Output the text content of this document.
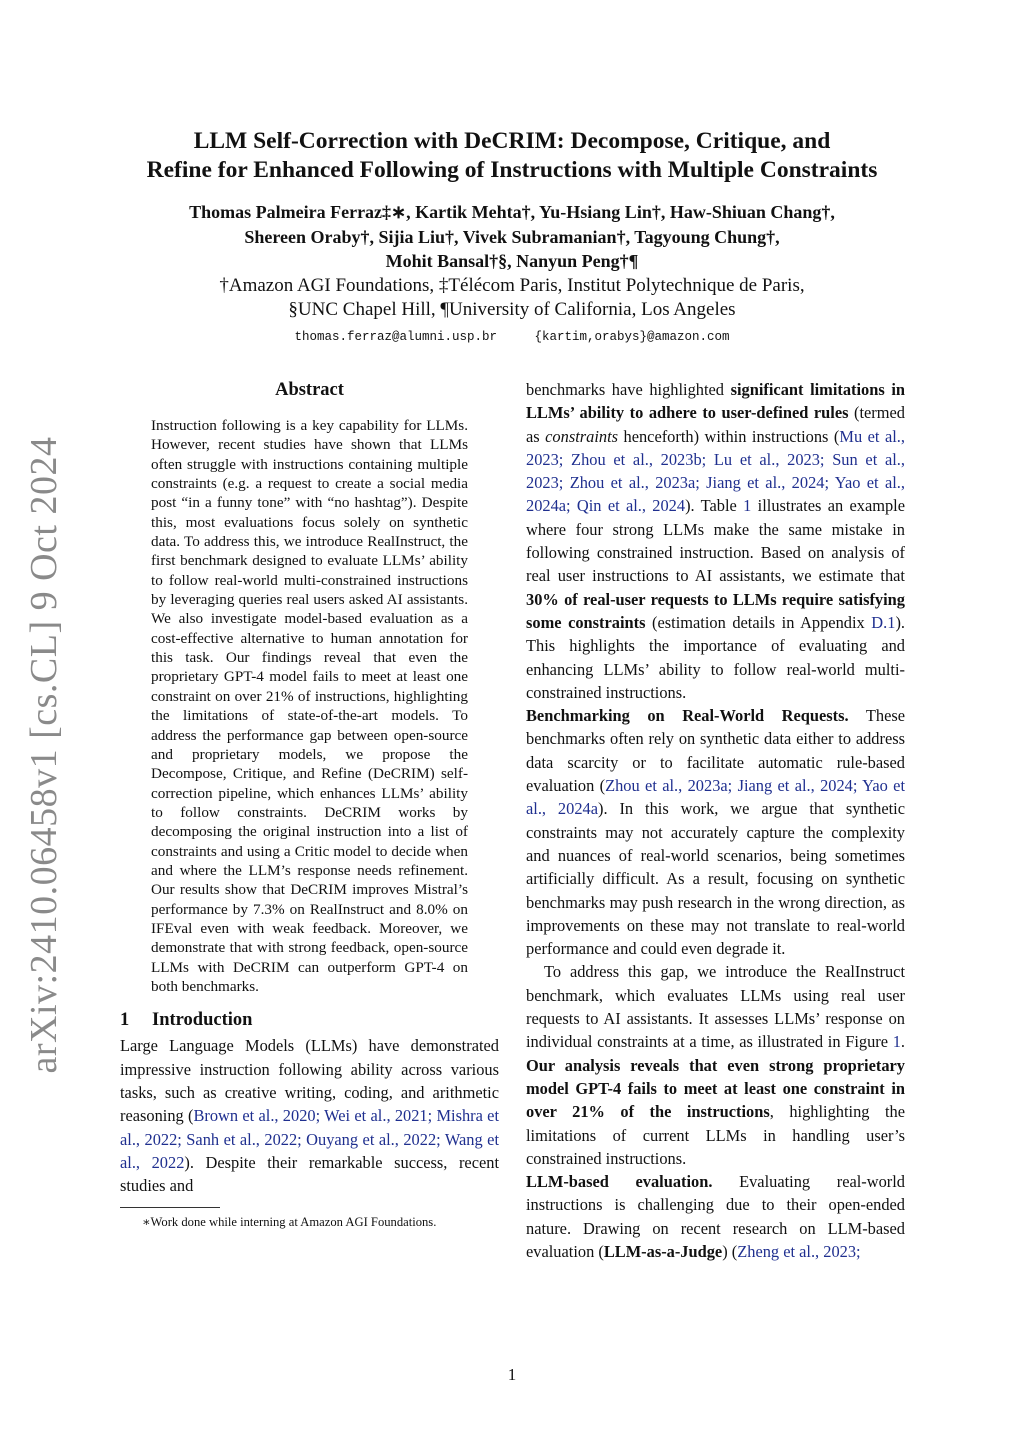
arXiv:2410.06458v1 [cs.CL] 9 Oct 2024
LLM Self-Correction with DeCRIM: Decompose, Critique, and
Refine for Enhanced Following of Instructions with Multiple Constraints
Thomas Palmeira Ferraz‡∗, Kartik Mehta†, Yu-Hsiang Lin†, Haw-Shiuan Chang†,
Shereen Oraby†, Sijia Liu†, Vivek Subramanian†, Tagyoung Chung†,
Mohit Bansal†§, Nanyun Peng†¶
†Amazon AGI Foundations, ‡Télécom Paris, Institut Polytechnique de Paris,
§UNC Chapel Hill, ¶University of California, Los Angeles
thomas.ferraz@alumni.usp.br	{kartim,orabys}@amazon.com
Abstract
Instruction following is a key capability for LLMs. However, recent studies have shown that LLMs often struggle with instructions containing multiple constraints (e.g. a request to create a social media post “in a funny tone” with “no hashtag”). Despite this, most evaluations focus solely on synthetic data. To address this, we introduce RealInstruct, the first benchmark designed to evaluate LLMs’ ability to follow real-world multi-constrained instructions by leveraging queries real users asked AI assistants. We also investigate model-based evaluation as a cost-effective alternative to human annotation for this task. Our findings reveal that even the proprietary GPT-4 model fails to meet at least one constraint on over 21% of instructions, highlighting the limitations of state-of-the-art models. To address the performance gap between open-source and proprietary models, we propose the Decompose, Critique, and Refine (DeCRIM) self-correction pipeline, which enhances LLMs’ ability to follow constraints. DeCRIM works by decomposing the original instruction into a list of constraints and using a Critic model to decide when and where the LLM’s response needs refinement. Our results show that DeCRIM improves Mistral’s performance by 7.3% on RealInstruct and 8.0% on IFEval even with weak feedback. Moreover, we demonstrate that with strong feedback, open-source LLMs with DeCRIM can outperform GPT-4 on both benchmarks.
1 Introduction
Large Language Models (LLMs) have demonstrated impressive instruction following ability across various tasks, such as creative writing, coding, and arithmetic reasoning (Brown et al., 2020; Wei et al., 2021; Mishra et al., 2022; Sanh et al., 2022; Ouyang et al., 2022; Wang et al., 2022). Despite their remarkable success, recent studies and
∗Work done while interning at Amazon AGI Foundations.
benchmarks have highlighted significant limitations in LLMs’ ability to adhere to user-defined rules (termed as constraints henceforth) within instructions (Mu et al., 2023; Zhou et al., 2023b; Lu et al., 2023; Sun et al., 2023; Zhou et al., 2023a; Jiang et al., 2024; Yao et al., 2024a; Qin et al., 2024). Table 1 illustrates an example where four strong LLMs make the same mistake in following constrained instruction. Based on analysis of real user instructions to AI assistants, we estimate that 30% of real-user requests to LLMs require satisfying some constraints (estimation details in Appendix D.1). This highlights the importance of evaluating and enhancing LLMs’ ability to follow real-world multi-constrained instructions.
Benchmarking on Real-World Requests. These benchmarks often rely on synthetic data either to address data scarcity or to facilitate automatic rule-based evaluation (Zhou et al., 2023a; Jiang et al., 2024; Yao et al., 2024a). In this work, we argue that synthetic constraints may not accurately capture the complexity and nuances of real-world scenarios, being sometimes artificially difficult. As a result, focusing on synthetic benchmarks may push research in the wrong direction, as improvements on these may not translate to real-world performance and could even degrade it.
To address this gap, we introduce the RealInstruct benchmark, which evaluates LLMs using real user requests to AI assistants. It assesses LLMs’ response on individual constraints at a time, as illustrated in Figure 1. Our analysis reveals that even strong proprietary model GPT-4 fails to meet at least one constraint in over 21% of the instructions, highlighting the limitations of current LLMs in handling user’s constrained instructions.
LLM-based evaluation. Evaluating real-world instructions is challenging due to their open-ended nature. Drawing on recent research on LLM-based evaluation (LLM-as-a-Judge) (Zheng et al., 2023;
1
